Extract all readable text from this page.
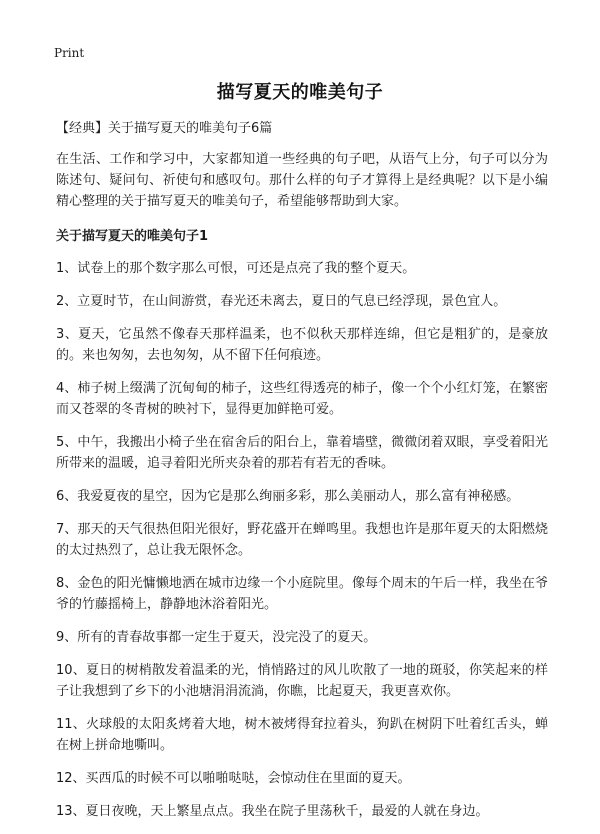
Print
描写夏天的唯美句子

【经典】关于描写夏天的唯美句子6篇

在生活、工作和学习中，大家都知道一些经典的句子吧，从语气上分，句子可以分为陈述句、疑问句、祈使句和感叹句。那什么样的句子才算得上是经典呢？以下是小编精心整理的关于描写夏天的唯美句子，希望能够帮助到大家。

关于描写夏天的唯美句子1

1、试卷上的那个数字那么可恨，可还是点亮了我的整个夏天。

2、立夏时节，在山间游赏，春光还未离去，夏日的气息已经浮现，景色宜人。

3、夏天，它虽然不像春天那样温柔，也不似秋天那样连绵，但它是粗犷的，是豪放的。来也匆匆，去也匆匆，从不留下任何痕迹。

4、柿子树上缀满了沉甸甸的柿子，这些红得透亮的柿子，像一个个小红灯笼，在繁密而又苍翠的冬青树的映衬下，显得更加鲜艳可爱。

5、中午，我搬出小椅子坐在宿舍后的阳台上，靠着墙壁，微微闭着双眼，享受着阳光所带来的温暖，追寻着阳光所夹杂着的那若有若无的香味。

6、我爱夏夜的星空，因为它是那么绚丽多彩，那么美丽动人，那么富有神秘感。

7、那天的天气很热但阳光很好，野花盛开在蝉鸣里。我想也许是那年夏天的太阳燃烧的太过热烈了，总让我无限怀念。

8、金色的阳光慵懒地洒在城市边缘一个小庭院里。像每个周末的午后一样，我坐在爷爷的竹藤摇椅上，静静地沐浴着阳光。

9、所有的青春故事都一定生于夏天，没完没了的夏天。

10、夏日的树梢散发着温柔的光，悄悄路过的风儿吹散了一地的斑驳，你笑起来的样子让我想到了乡下的小池塘涓涓流淌，你瞧，比起夏天，我更喜欢你。

11、火球般的太阳炙烤着大地，树木被烤得耷拉着头，狗趴在树阴下吐着红舌头，蝉在树上拼命地嘶叫。

12、买西瓜的时候不可以啪啪哒哒，会惊动住在里面的夏天。

13、夏日夜晚，天上繁星点点。我坐在院子里荡秋千，最爱的人就在身边。
